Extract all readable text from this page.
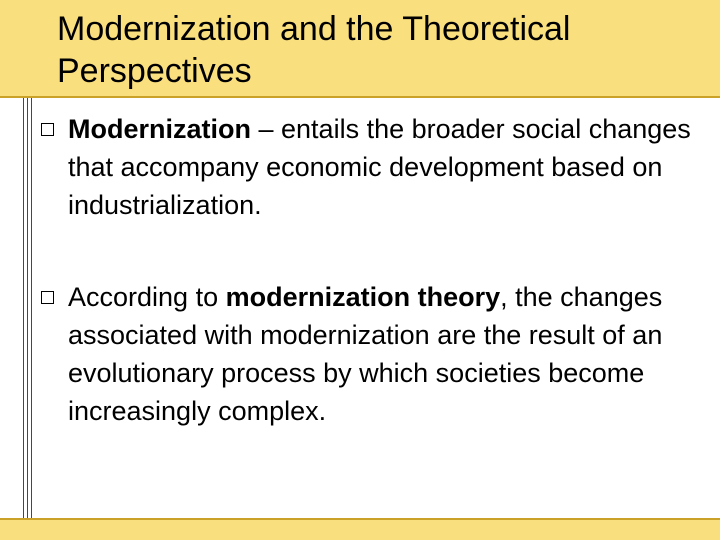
Modernization and the Theoretical Perspectives

Modernization – entails the broader social changes that accompany economic development based on industrialization.

According to modernization theory, the changes associated with modernization are the result of an evolutionary process by which societies become increasingly complex.
